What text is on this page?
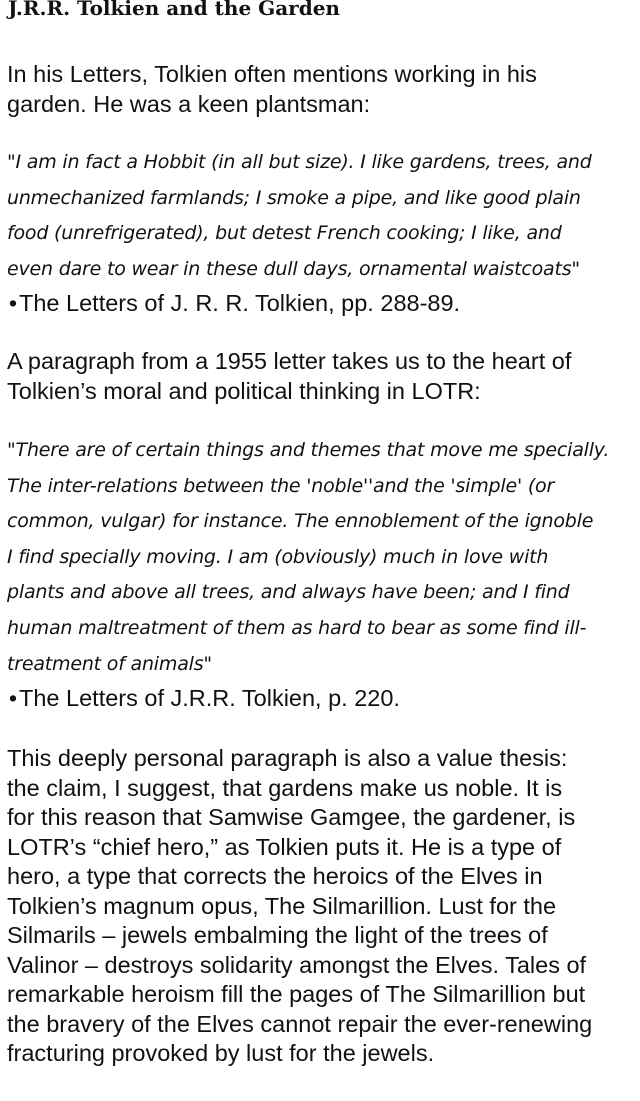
J.R.R. Tolkien and the Garden

In his Letters, Tolkien often mentions working in his
garden. He was a keen plantsman:

"I am in fact a Hobbit (in all but size). I like gardens, trees, and
unmechanized farmlands; I smoke a pipe, and like good plain
food (unrefrigerated), but detest French cooking; I like, and
even dare to wear in these dull days, ornamental waistcoats"

•The Letters of J. R. R. Tolkien, pp. 288-89.

A paragraph from a 1955 letter takes us to the heart of
Tolkien’s moral and political thinking in LOTR:

"There are of certain things and themes that move me specially.
The inter-relations between the 'noble''and the 'simple' (or
common, vulgar) for instance. The ennoblement of the ignoble
I find specially moving. I am (obviously) much in love with
plants and above all trees, and always have been; and I find
human maltreatment of them as hard to bear as some find ill-
treatment of animals"

•The Letters of J.R.R. Tolkien, p. 220.

This deeply personal paragraph is also a value thesis:
the claim, I suggest, that gardens make us noble. It is
for this reason that Samwise Gamgee, the gardener, is
LOTR’s “chief hero,” as Tolkien puts it. He is a type of
hero, a type that corrects the heroics of the Elves in
Tolkien’s magnum opus, The Silmarillion. Lust for the
Silmarils – jewels embalming the light of the trees of
Valinor – destroys solidarity amongst the Elves. Tales of
remarkable heroism fill the pages of The Silmarillion but
the bravery of the Elves cannot repair the ever-renewing
fracturing provoked by lust for the jewels.
